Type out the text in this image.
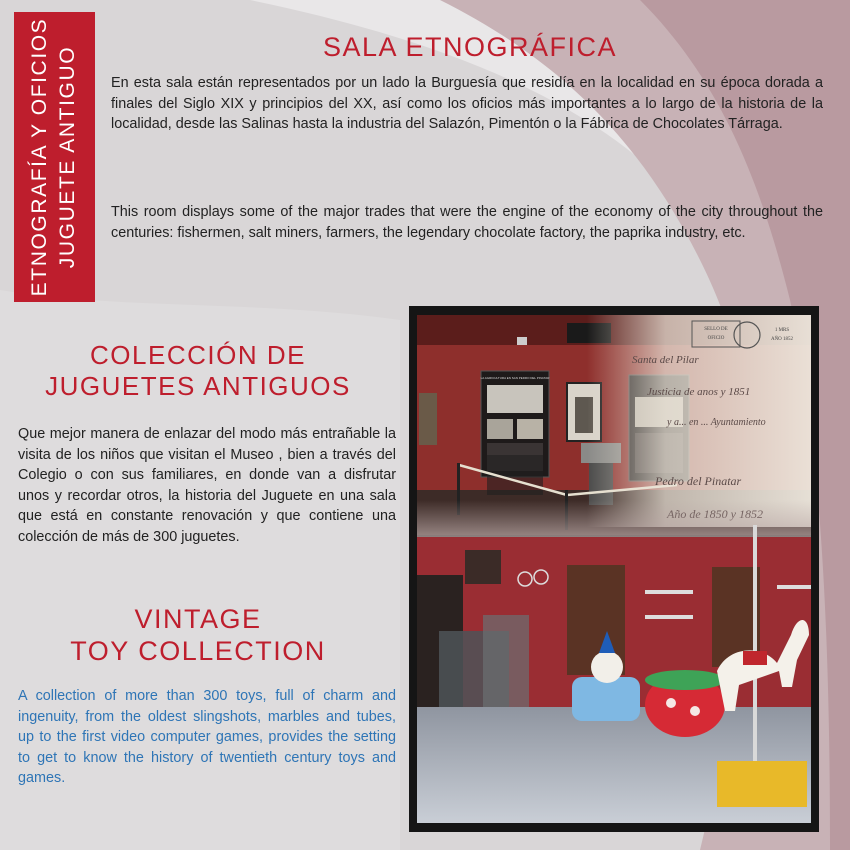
ETNOGRAFÍA Y OFICIOS JUGUETE ANTIGUO	SALA ETNOGRÁFICA

En esta sala están representados por un lado la Burguesía que residía en la localidad en su época dorada a finales del Siglo XIX y principios del XX, así como los oficios más importantes a lo largo de la historia de la localidad, desde las Salinas hasta la industria del Salazón, Pimentón o la Fábrica de Chocolates Tárraga.

This room displays some of the major trades that were the engine of the economy of the city throughout the centuries: fishermen, salt miners, farmers, the legendary chocolate factory, the paprika industry, etc.

COLECCIÓN DE
JUGUETES ANTIGUOS

Que mejor manera de enlazar del modo más entrañable la visita de los niños que visitan el Museo , bien a través del Colegio o con sus familiares, en donde van a disfrutar unos y recordar otros, la historia del Juguete en una sala que está en constante renovación y que contiene una colección de más de 300 juguetes.

VINTAGE
TOY COLLECTION

A collection of more than 300 toys, full of charm and ingenuity, from the oldest slingshots, marbles and tubes, up to the first video computer games, provides the setting to get to know the history of twentieth century toys and games.

LA AGRICULTURA EN SAN PEDRO DEL PINATAR
SELLO DE
OFICIO
1 MRS
AÑO 1852
Santa del Pilar
Justicia de anos y 1851
y a... en ... Ayuntamiento
Pedro del Pinatar
